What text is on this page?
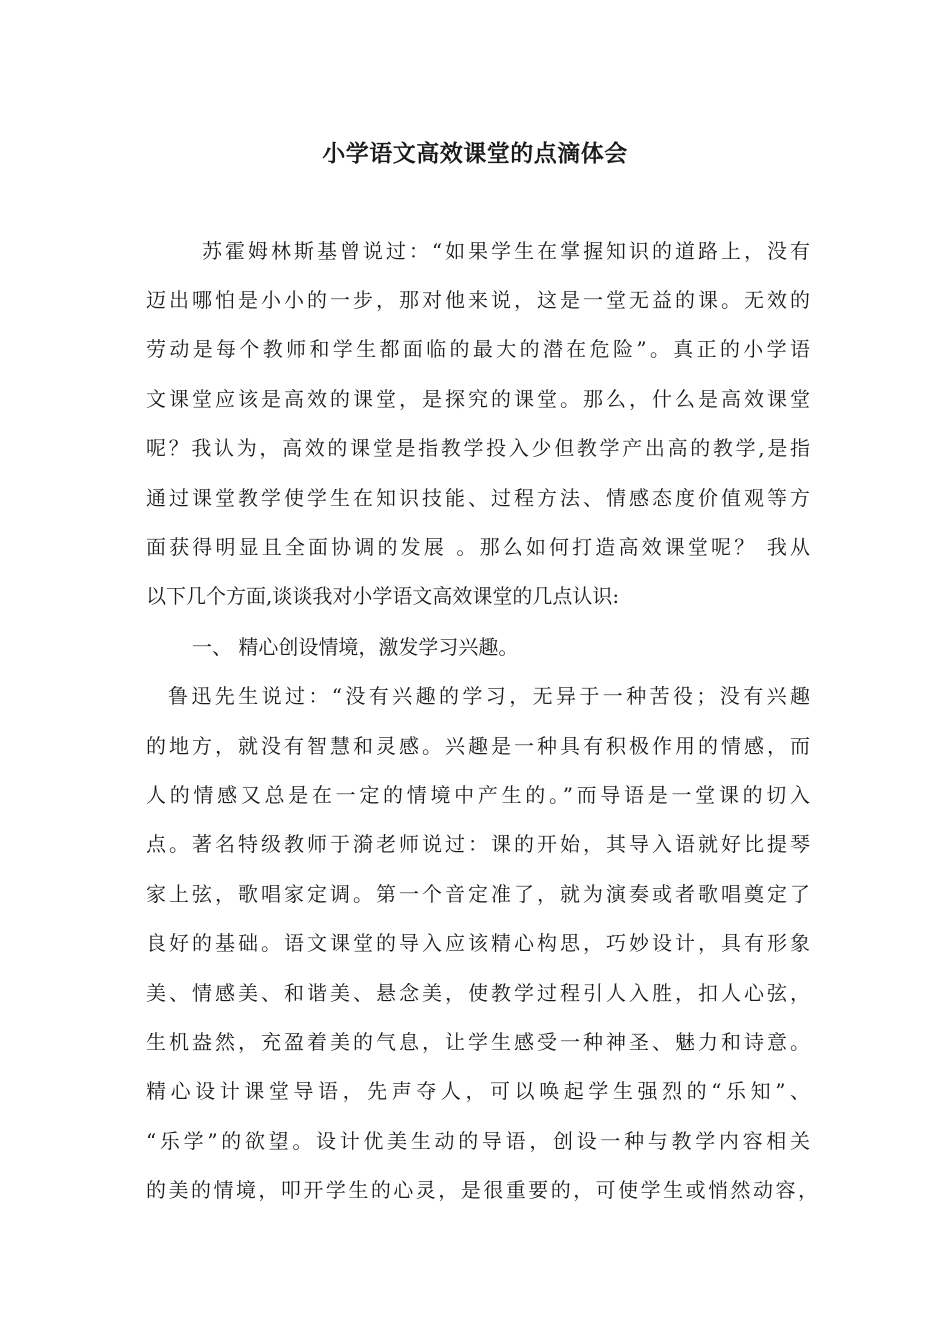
小学语文高效课堂的点滴体会
苏霍姆林斯基曾说过：“如果学生在掌握知识的道路上，没有
迈出哪怕是小小的一步，那对他来说，这是一堂无益的课。无效的
劳动是每个教师和学生都面临的最大的潜在危险”。真正的小学语
文课堂应该是高效的课堂，是探究的课堂。那么，什么是高效课堂
呢？我认为，高效的课堂是指教学投入少但教学产出高的教学,是指
通过课堂教学使学生在知识技能、过程方法、情感态度价值观等方
面获得明显且全面协调的发展 。那么如何打造高效课堂呢？ 我从
以下几个方面,谈谈我对小学语文高效课堂的几点认识:
一、 精心创设情境，激发学习兴趣。
鲁迅先生说过：“没有兴趣的学习，无异于一种苦役；没有兴趣
的地方，就没有智慧和灵感。兴趣是一种具有积极作用的情感，而
人的情感又总是在一定的情境中产生的。”而导语是一堂课的切入
点。著名特级教师于漪老师说过：课的开始，其导入语就好比提琴
家上弦，歌唱家定调。第一个音定准了，就为演奏或者歌唱奠定了
良好的基础。语文课堂的导入应该精心构思，巧妙设计，具有形象
美、情感美、和谐美、悬念美，使教学过程引人入胜，扣人心弦，
生机盎然，充盈着美的气息，让学生感受一种神圣、魅力和诗意。
精心设计课堂导语，先声夺人，可以唤起学生强烈的“乐知”、
“乐学”的欲望。设计优美生动的导语，创设一种与教学内容相关
的美的情境，叩开学生的心灵，是很重要的，可使学生或悄然动容，
